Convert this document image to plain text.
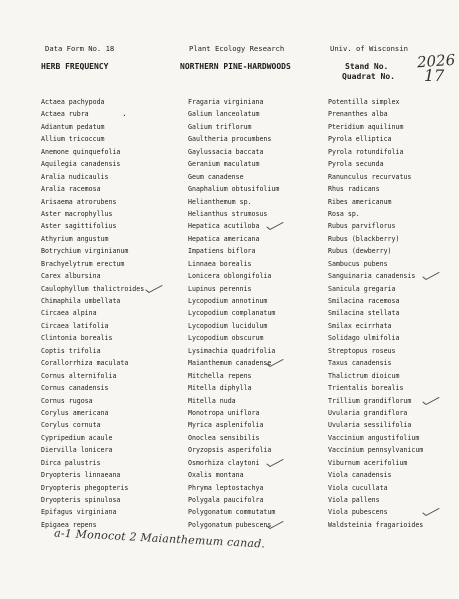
Data Form No. 18	Plant Ecology Research	Univ. of Wisconsin
HERB FREQUENCY	NORTHERN PINE-HARDWOODS	Stand No.
Quadrat No.
2026
17
Actaea pachypoda
Actaea rubra
Adiantum pedatum
Allium tricoccum
Anemone quinquefolia
Aquilegia canadensis
Aralia nudicaulis
Aralia racemosa
Arisaema atrorubens
Aster macrophyllus
Aster sagittifolius
Athyrium angustum
Botrychium virginianum
Brachyelytrum erectum
Carex albursina
Caulophyllum thalictroides
Chimaphila umbellata
Circaea alpina
Circaea latifolia
Clintonia borealis
Coptis trifolia
Corallorrhiza maculata
Cornus alternifolia
Cornus canadensis
Cornus rugosa
Corylus americana
Corylus cornuta
Cypripedium acaule
Diervilla lonicera
Dirca palustris
Dryopteris linnaeana
Dryopteris phegopteris
Dryopteris spinulosa
Epifagus virginiana
Epigaea repens
Fragaria virginiana
Galium lanceolatum
Galium triflorum
Gaultheria procumbens
Gaylussacia baccata
Geranium maculatum
Geum canadense
Gnaphalium obtusifolium
Helianthemum sp.
Helianthus strumosus
Hepatica acutiloba
Hepatica americana
Impatiens biflora
Linnaea borealis
Lonicera oblongifolia
Lupinus perennis
Lycopodium annotinum
Lycopodium complanatum
Lycopodium lucidulum
Lycopodium obscurum
Lysimachia quadrifolia
Maianthemum canadense
Mitchella repens
Mitella diphylla
Mitella nuda
Monotropa uniflora
Myrica asplenifolia
Onoclea sensibilis
Oryzopsis asperifolia
Osmorhiza claytoni
Oxalis montana
Phryma leptostachya
Polygala paucifolra
Polygonatum commutatum
Polygonatum pubescens
Potentilla simplex
Prenanthes alba
Pteridium aquilinum
Pyrola elliptica
Pyrola rotundifolia
Pyrola secunda
Ranunculus recurvatus
Rhus radicans
Ribes americanum
Rosa sp.
Rubus parviflorus
Rubus (blackberry)
Rubus (dewberry)
Sambucus pubens
Sanguinaria canadensis
Sanicula gregaria
Smilacina racemosa
Smilacina stellata
Smilax ecirrhata
Solidago ulmifolia
Streptopus roseus
Taxus canadensis
Thalictrum dioicum
Trientalis borealis
Trillium grandiflorum
Uvularia grandiflora
Uvularia sessilifolia
Vaccinium angustifolium
Vaccinium pennsylvanicum
Viburnum acerifolium
Viola canadensis
Viola cucullata
Viola pallens
Viola pubescens
Waldsteinia fragarioides
.
a-1 Monocot 2 Maianthemum canad.
